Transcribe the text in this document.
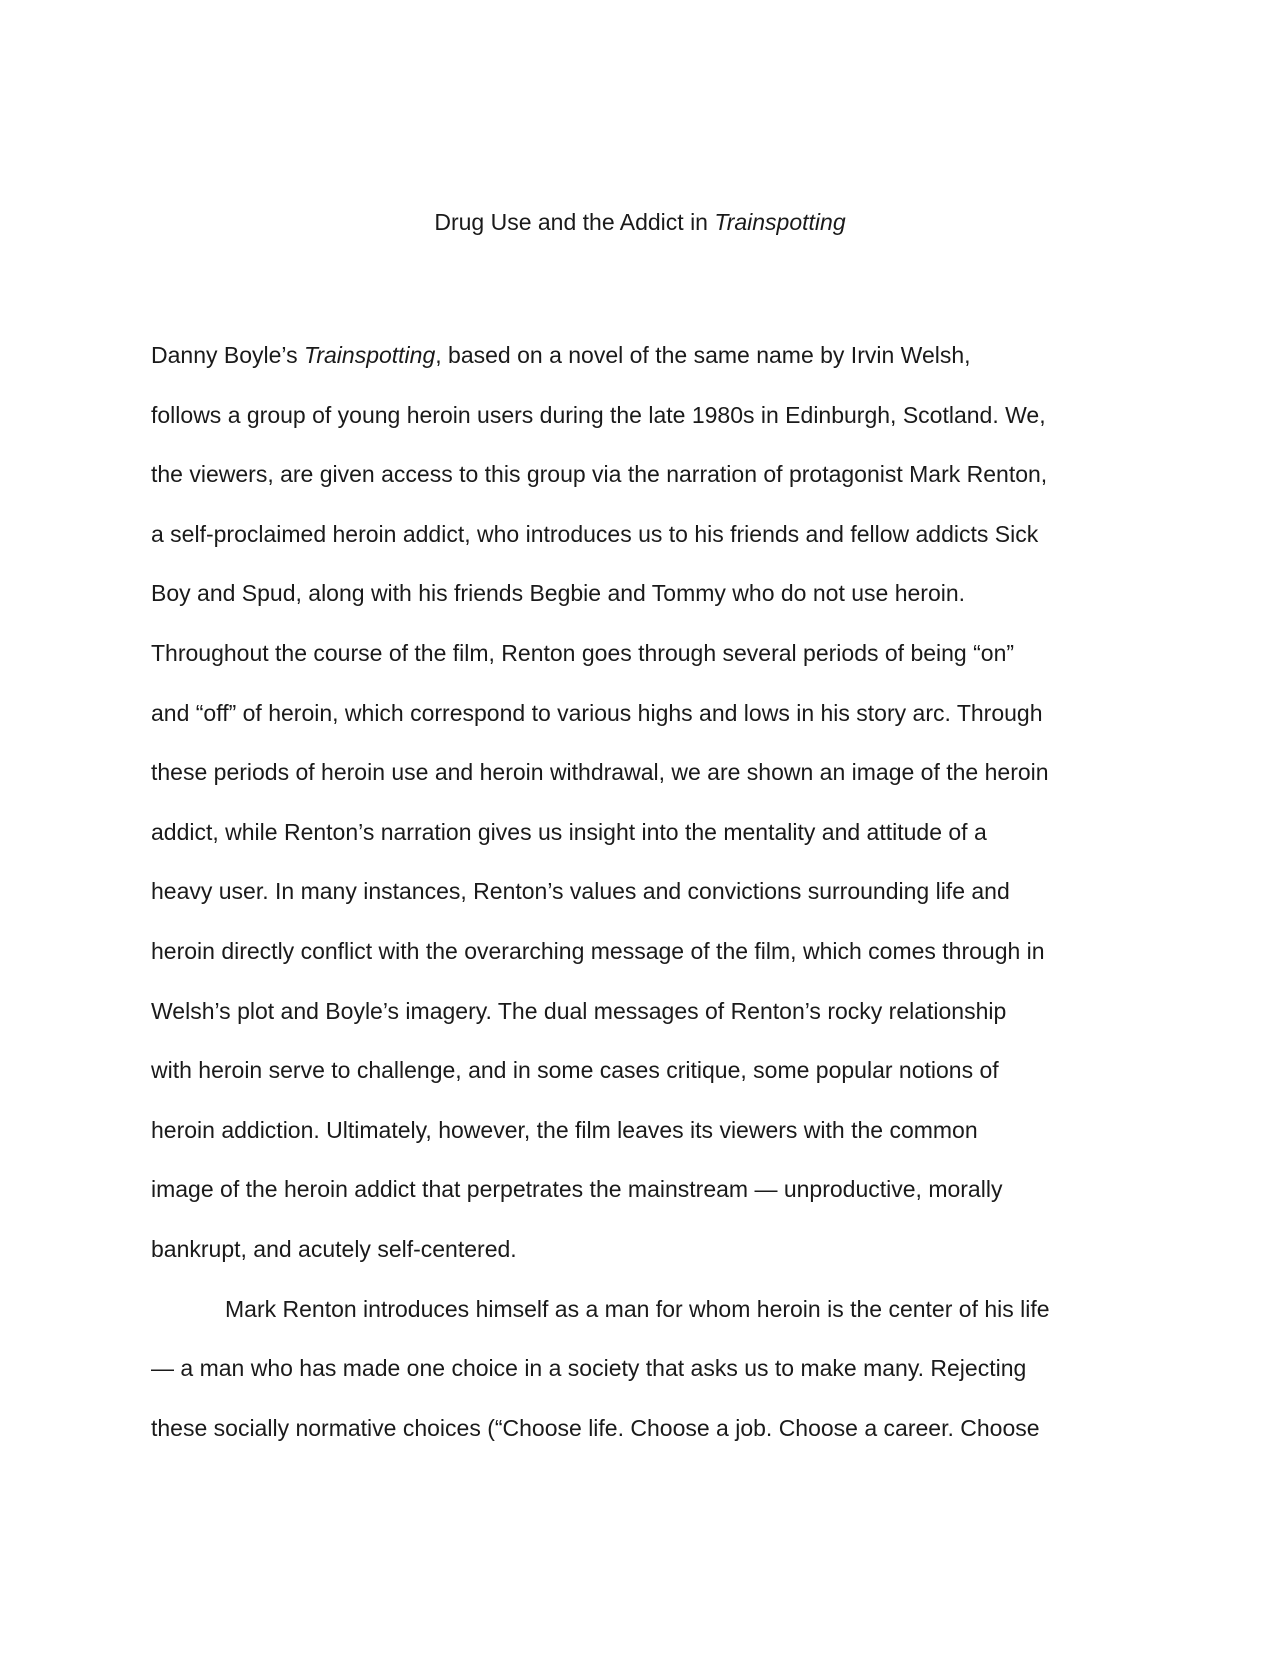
Drug Use and the Addict in Trainspotting
Danny Boyle’s Trainspotting, based on a novel of the same name by Irvin Welsh,
follows a group of young heroin users during the late 1980s in Edinburgh, Scotland. We,
the viewers, are given access to this group via the narration of protagonist Mark Renton,
a self-proclaimed heroin addict, who introduces us to his friends and fellow addicts Sick
Boy and Spud, along with his friends Begbie and Tommy who do not use heroin.
Throughout the course of the film, Renton goes through several periods of being “on”
and “off” of heroin, which correspond to various highs and lows in his story arc. Through
these periods of heroin use and heroin withdrawal, we are shown an image of the heroin
addict, while Renton’s narration gives us insight into the mentality and attitude of a
heavy user. In many instances, Renton’s values and convictions surrounding life and
heroin directly conflict with the overarching message of the film, which comes through in
Welsh’s plot and Boyle’s imagery. The dual messages of Renton’s rocky relationship
with heroin serve to challenge, and in some cases critique, some popular notions of
heroin addiction. Ultimately, however, the film leaves its viewers with the common
image of the heroin addict that perpetrates the mainstream — unproductive, morally
bankrupt, and acutely self-centered.
Mark Renton introduces himself as a man for whom heroin is the center of his life
— a man who has made one choice in a society that asks us to make many. Rejecting
these socially normative choices (“Choose life. Choose a job. Choose a career. Choose
